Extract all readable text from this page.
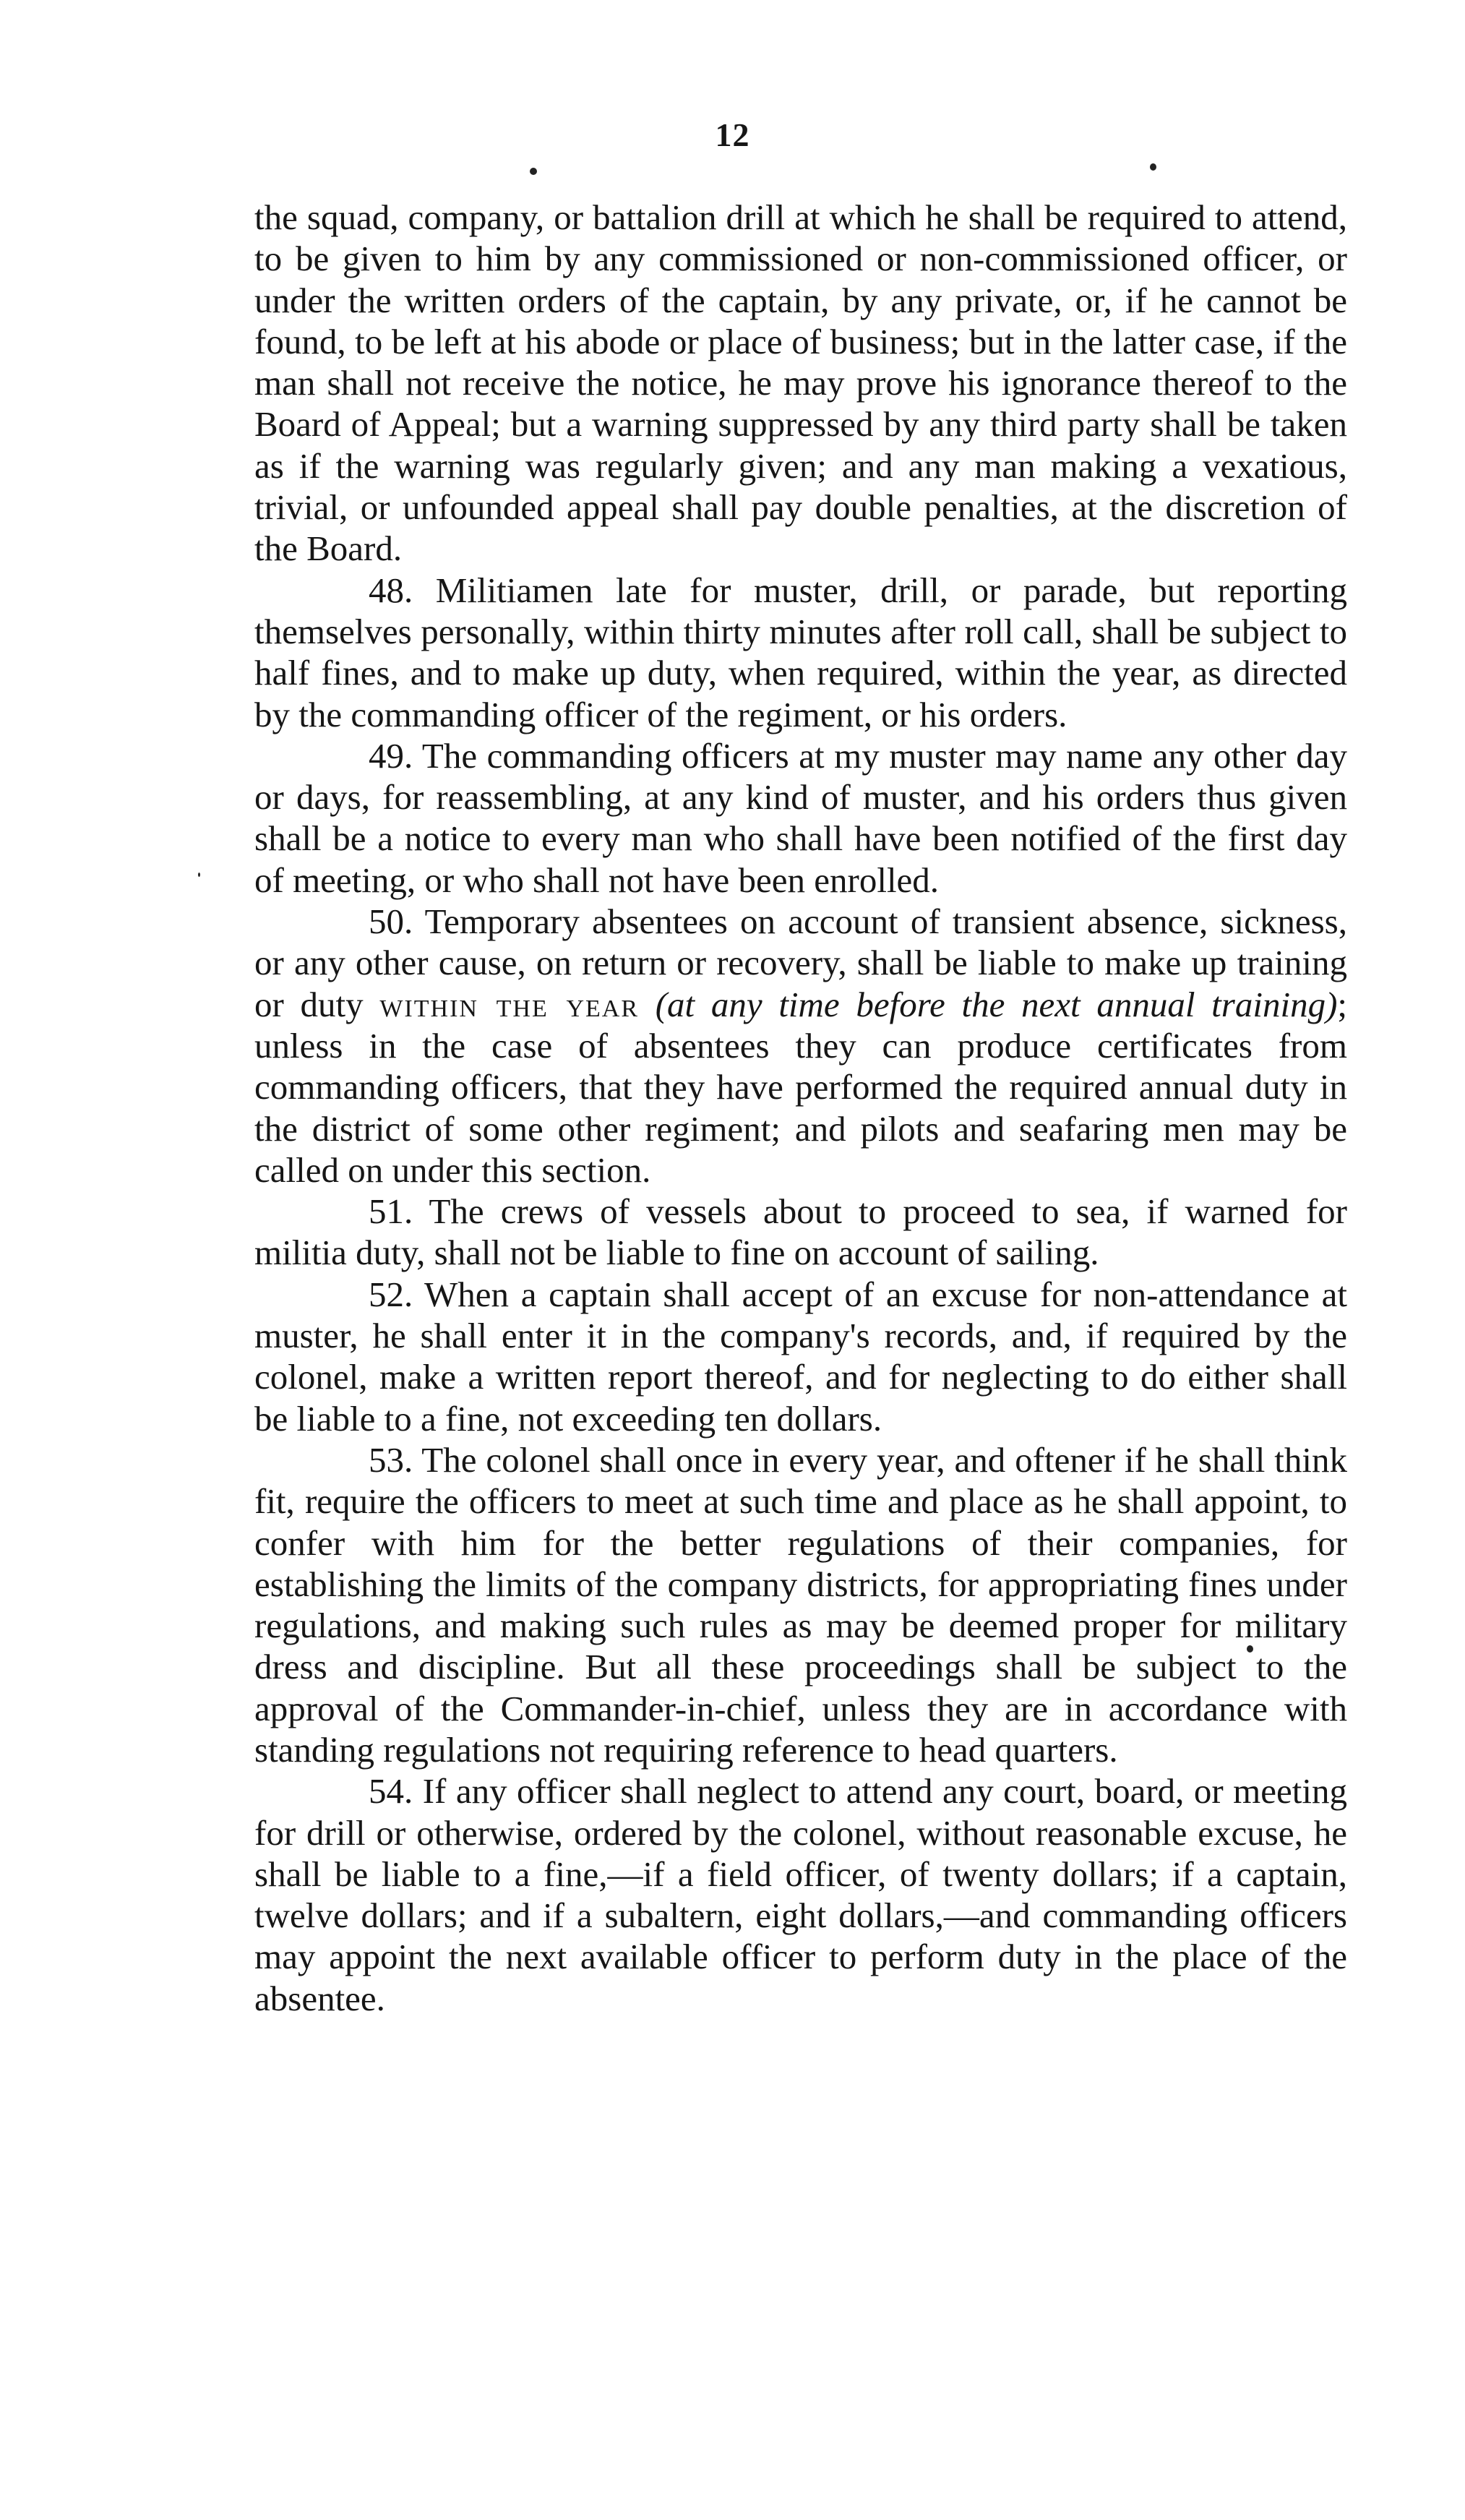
12

the squad, company, or battalion drill at which he shall be required to attend, to be given to him by any commissioned or non-commissioned officer, or under the written orders of the captain, by any private, or, if he cannot be found, to be left at his abode or place of business; but in the latter case, if the man shall not receive the notice, he may prove his ignorance thereof to the Board of Appeal; but a warning suppressed by any third party shall be taken as if the warning was regularly given; and any man making a vexatious, trivial, or unfounded appeal shall pay double penalties, at the discretion of the Board.

48. Militiamen late for muster, drill, or parade, but reporting themselves personally, within thirty minutes after roll call, shall be subject to half fines, and to make up duty, when required, within the year, as directed by the commanding officer of the regiment, or his orders.

49. The commanding officers at my muster may name any other day or days, for reassembling, at any kind of muster, and his orders thus given shall be a notice to every man who shall have been notified of the first day of meeting, or who shall not have been enrolled.

50. Temporary absentees on account of transient absence, sickness, or any other cause, on return or recovery, shall be liable to make up training or duty within the year (at any time before the next annual training); unless in the case of absentees they can produce certificates from commanding officers, that they have performed the required annual duty in the district of some other regiment; and pilots and seafaring men may be called on under this section.

51. The crews of vessels about to proceed to sea, if warned for militia duty, shall not be liable to fine on account of sailing.

52. When a captain shall accept of an excuse for non-attendance at muster, he shall enter it in the company's records, and, if required by the colonel, make a written report thereof, and for neglecting to do either shall be liable to a fine, not exceeding ten dollars.

53. The colonel shall once in every year, and oftener if he shall think fit, require the officers to meet at such time and place as he shall appoint, to confer with him for the better regulations of their companies, for establishing the limits of the company districts, for appropriating fines under regulations, and making such rules as may be deemed proper for military dress and discipline. But all these proceedings shall be subject to the approval of the Commander-in-chief, unless they are in accordance with standing regulations not requiring reference to head quarters.

54. If any officer shall neglect to attend any court, board, or meeting for drill or otherwise, ordered by the colonel, without reasonable excuse, he shall be liable to a fine,—if a field officer, of twenty dollars; if a captain, twelve dollars; and if a subaltern, eight dollars,—and commanding officers may appoint the next available officer to perform duty in the place of the absentee.
